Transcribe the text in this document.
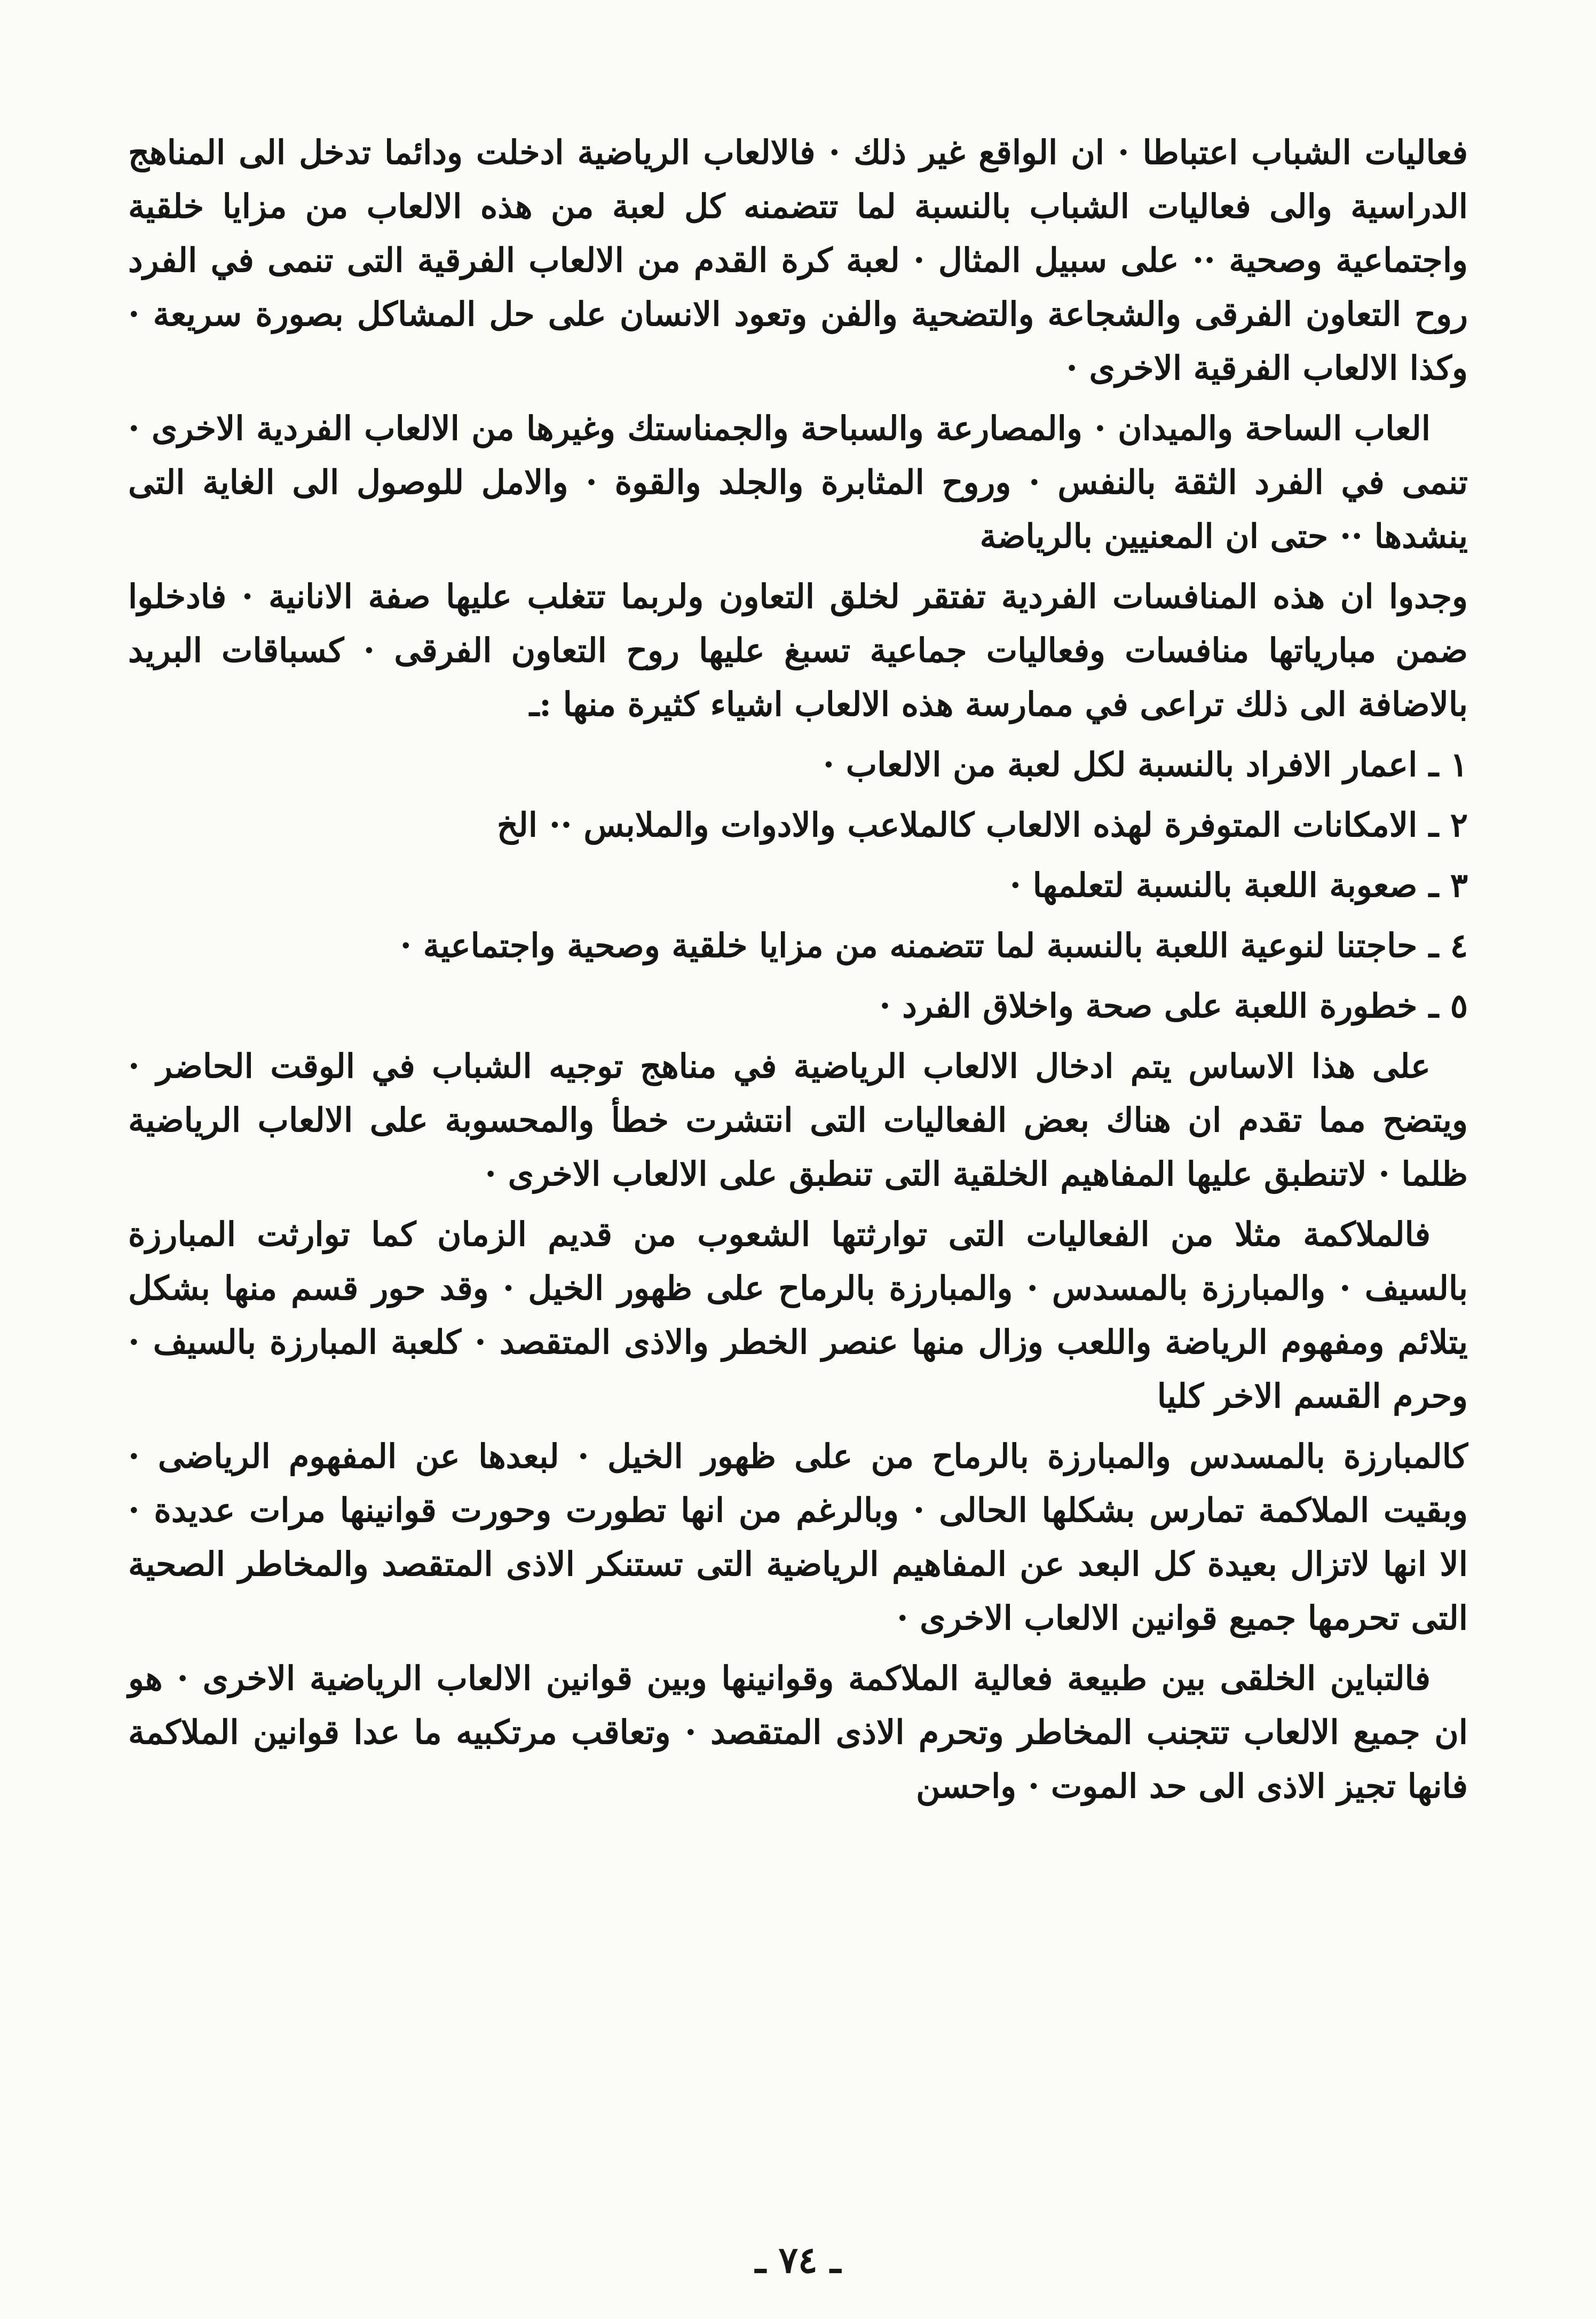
فعاليات الشباب اعتباطا · ان الواقع غير ذلك · فالالعاب الرياضية ادخلت ودائما تدخل الى المناهج الدراسية والى فعاليات الشباب بالنسبة لما تتضمنه كل لعبة من هذه الالعاب من مزايا خلقية واجتماعية وصحية ·· على سبيل المثال · لعبة كرة القدم من الالعاب الفرقية التى تنمى في الفرد روح التعاون الفرقى والشجاعة والتضحية والفن وتعود الانسان على حل المشاكل بصورة سريعة · وكذا الالعاب الفرقية الاخرى ·

العاب الساحة والميدان · والمصارعة والسباحة والجمناستك وغيرها من الالعاب الفردية الاخرى · تنمى في الفرد الثقة بالنفس · وروح المثابرة والجلد والقوة · والامل للوصول الى الغاية التى ينشدها ·· حتى ان المعنيين بالرياضة

وجدوا ان هذه المنافسات الفردية تفتقر لخلق التعاون ولربما تتغلب عليها صفة الانانية · فادخلوا ضمن مبارياتها منافسات وفعاليات جماعية تسبغ عليها روح التعاون الفرقى · كسباقات البريد بالاضافة الى ذلك تراعى في ممارسة هذه الالعاب اشياء كثيرة منها :ـ

١ ـ اعمار الافراد بالنسبة لكل لعبة من الالعاب ·

٢ ـ الامكانات المتوفرة لهذه الالعاب كالملاعب والادوات والملابس ·· الخ

٣ ـ صعوبة اللعبة بالنسبة لتعلمها ·

٤ ـ حاجتنا لنوعية اللعبة بالنسبة لما تتضمنه من مزايا خلقية وصحية واجتماعية ·

٥ ـ خطورة اللعبة على صحة واخلاق الفرد ·

على هذا الاساس يتم ادخال الالعاب الرياضية في مناهج توجيه الشباب في الوقت الحاضر · ويتضح مما تقدم ان هناك بعض الفعاليات التى انتشرت خطأ والمحسوبة على الالعاب الرياضية ظلما · لاتنطبق عليها المفاهيم الخلقية التى تنطبق على الالعاب الاخرى ·

فالملاكمة مثلا من الفعاليات التى توارثتها الشعوب من قديم الزمان كما توارثت المبارزة بالسيف · والمبارزة بالمسدس · والمبارزة بالرماح على ظهور الخيل · وقد حور قسم منها بشكل يتلائم ومفهوم الرياضة واللعب وزال منها عنصر الخطر والاذى المتقصد · كلعبة المبارزة بالسيف · وحرم القسم الاخر كليا

كالمبارزة بالمسدس والمبارزة بالرماح من على ظهور الخيل · لبعدها عن المفهوم الرياضى · وبقيت الملاكمة تمارس بشكلها الحالى · وبالرغم من انها تطورت وحورت قوانينها مرات عديدة · الا انها لاتزال بعيدة كل البعد عن المفاهيم الرياضية التى تستنكر الاذى المتقصد والمخاطر الصحية التى تحرمها جميع قوانين الالعاب الاخرى ·

فالتباين الخلقى بين طبيعة فعالية الملاكمة وقوانينها وبين قوانين الالعاب الرياضية الاخرى · هو ان جميع الالعاب تتجنب المخاطر وتحرم الاذى المتقصد · وتعاقب مرتكبيه ما عدا قوانين الملاكمة فانها تجيز الاذى الى حد الموت · واحسن

ـ ٧٤ ـ
